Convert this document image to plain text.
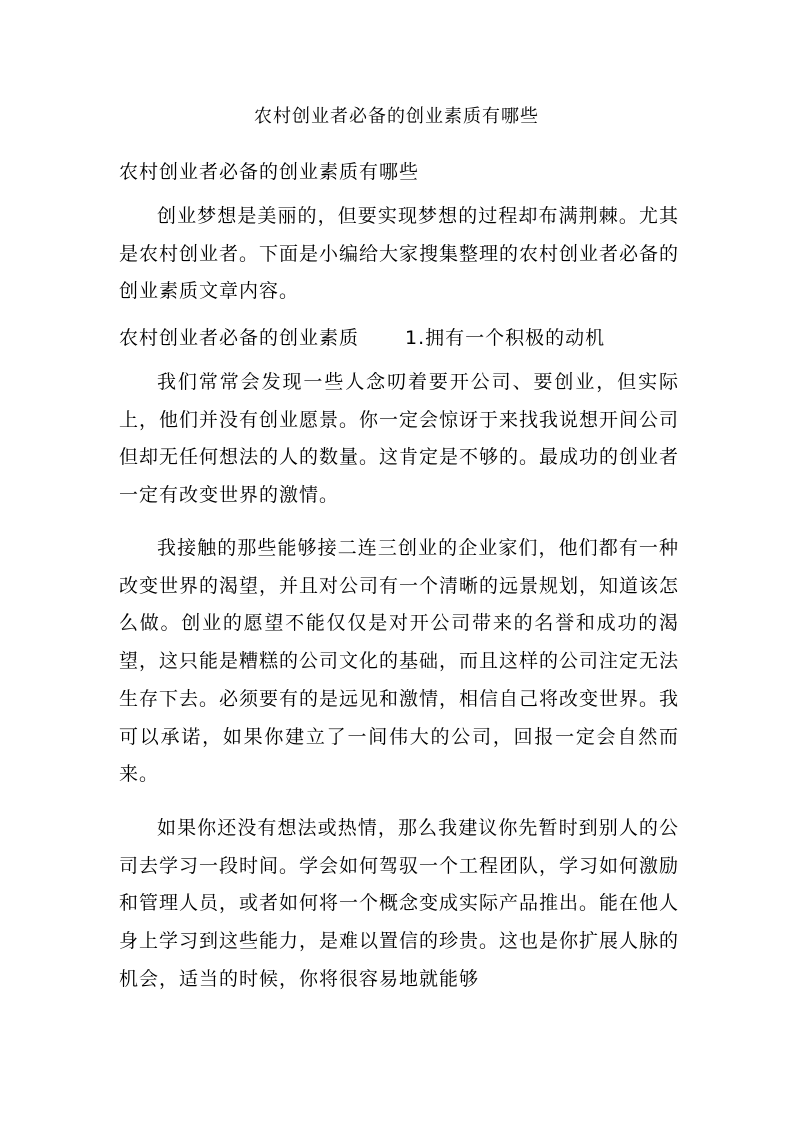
农村创业者必备的创业素质有哪些
农村创业者必备的创业素质有哪些

创业梦想是美丽的，但要实现梦想的过程却布满荆棘。尤其是农村创业者。下面是小编给大家搜集整理的农村创业者必备的创业素质文章内容。

农村创业者必备的创业素质 1.拥有一个积极的动机

我们常常会发现一些人念叨着要开公司、要创业，但实际上，他们并没有创业愿景。你一定会惊讶于来找我说想开间公司但却无任何想法的人的数量。这肯定是不够的。最成功的创业者一定有改变世界的激情。

我接触的那些能够接二连三创业的企业家们，他们都有一种改变世界的渴望，并且对公司有一个清晰的远景规划，知道该怎么做。创业的愿望不能仅仅是对开公司带来的名誉和成功的渴望，这只能是糟糕的公司文化的基础，而且这样的公司注定无法生存下去。必须要有的是远见和激情，相信自己将改变世界。我可以承诺，如果你建立了一间伟大的公司，回报一定会自然而来。

如果你还没有想法或热情，那么我建议你先暂时到别人的公司去学习一段时间。学会如何驾驭一个工程团队，学习如何激励和管理人员，或者如何将一个概念变成实际产品推出。能在他人身上学习到这些能力，是难以置信的珍贵。这也是你扩展人脉的机会，适当的时候，你将很容易地就能够
